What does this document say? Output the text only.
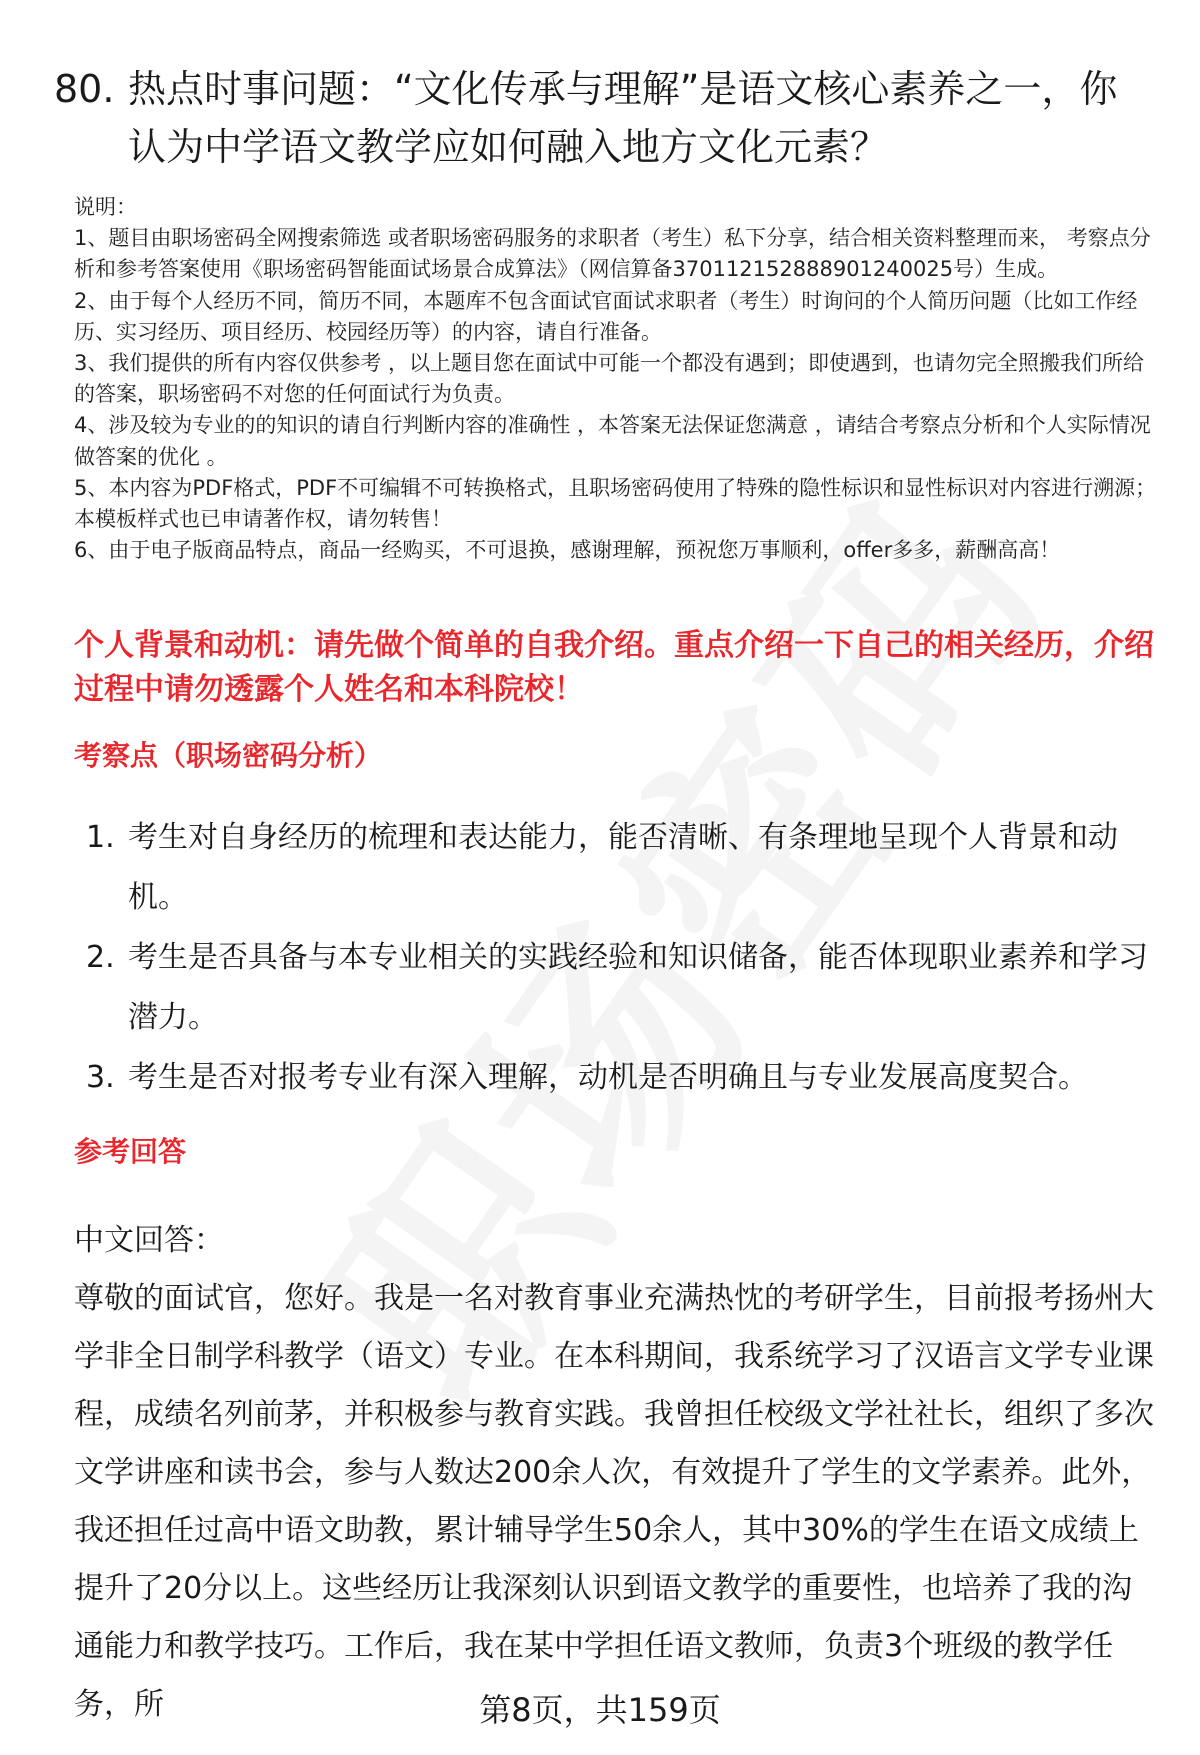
80. 热点时事问题：“文化传承与理解”是语文核心素养之一，你认为中学语文教学应如何融入地方文化元素？

说明：

1、题目由职场密码全网搜索筛选 或者职场密码服务的求职者（考生）私下分享，结合相关资料整理而来， 考察点分析和参考答案使用《职场密码智能面试场景合成算法》（网信算备370112152888901240025号）生成。

2、由于每个人经历不同，简历不同，本题库不包含面试官面试求职者（考生）时询问的个人简历问题（比如工作经历、实习经历、项目经历、校园经历等）的内容，请自行准备。

3、我们提供的所有内容仅供参考 ，以上题目您在面试中可能一个都没有遇到；即使遇到，也请勿完全照搬我们所给的答案，职场密码不对您的任何面试行为负责。

4、涉及较为专业的的知识的请自行判断内容的准确性 ，本答案无法保证您满意 ，请结合考察点分析和个人实际情况做答案的优化 。

5、本内容为PDF格式，PDF不可编辑不可转换格式，且职场密码使用了特殊的隐性标识和显性标识对内容进行溯源；本模板样式也已申请著作权，请勿转售！

6、由于电子版商品特点，商品一经购买，不可退换，感谢理解，预祝您万事顺利，offer多多，薪酬高高！

个人背景和动机：请先做个简单的自我介绍。重点介绍一下自己的相关经历，介绍过程中请勿透露个人姓名和本科院校！
考察点（职场密码分析）
1. 考生对自身经历的梳理和表达能力，能否清晰、有条理地呈现个人背景和动机。
2. 考生是否具备与本专业相关的实践经验和知识储备，能否体现职业素养和学习潜力。
3. 考生是否对报考专业有深入理解，动机是否明确且与专业发展高度契合。
参考回答

中文回答：

尊敬的面试官，您好。我是一名对教育事业充满热忱的考研学生，目前报考扬州大学非全日制学科教学（语文）专业。在本科期间，我系统学习了汉语言文学专业课程，成绩名列前茅，并积极参与教育实践。我曾担任校级文学社社长，组织了多次文学讲座和读书会，参与人数达200余人次，有效提升了学生的文学素养。此外，我还担任过高中语文助教，累计辅导学生50余人，其中30%的学生在语文成绩上提升了20分以上。这些经历让我深刻认识到语文教学的重要性，也培养了我的沟通能力和教学技巧。工作后，我在某中学担任语文教师，负责3个班级的教学任务，所	第8页，共159页
